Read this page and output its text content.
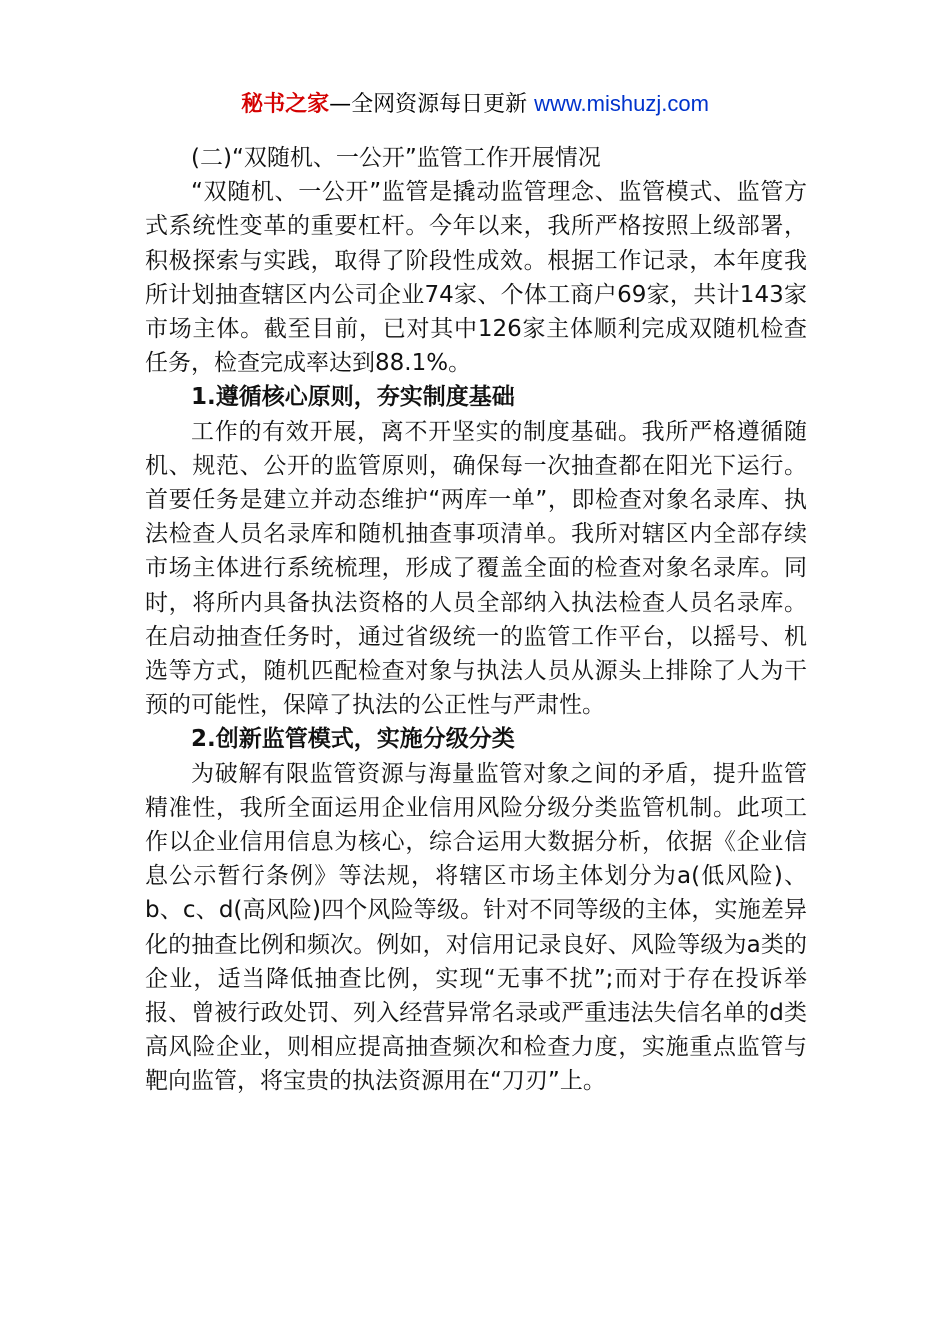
秘书之家—全网资源每日更新 www.mishuzj.com

(二)“双随机、一公开”监管工作开展情况

“双随机、一公开”监管是撬动监管理念、监管模式、监管方式系统性变革的重要杠杆。今年以来，我所严格按照上级部署，积极探索与实践，取得了阶段性成效。根据工作记录，本年度我所计划抽查辖区内公司企业74家、个体工商户69家，共计143家市场主体。截至目前，已对其中126家主体顺利完成双随机检查任务，检查完成率达到88.1%。

1.遵循核心原则，夯实制度基础

工作的有效开展，离不开坚实的制度基础。我所严格遵循随机、规范、公开的监管原则，确保每一次抽查都在阳光下运行。首要任务是建立并动态维护“两库一单”，即检查对象名录库、执法检查人员名录库和随机抽查事项清单。我所对辖区内全部存续市场主体进行系统梳理，形成了覆盖全面的检查对象名录库。同时，将所内具备执法资格的人员全部纳入执法检查人员名录库。在启动抽查任务时，通过省级统一的监管工作平台，以摇号、机选等方式，随机匹配检查对象与执法人员从源头上排除了人为干预的可能性，保障了执法的公正性与严肃性。

2.创新监管模式，实施分级分类

为破解有限监管资源与海量监管对象之间的矛盾，提升监管精准性，我所全面运用企业信用风险分级分类监管机制。此项工作以企业信用信息为核心，综合运用大数据分析，依据《企业信息公示暂行条例》等法规，将辖区市场主体划分为a(低风险)、b、c、d(高风险)四个风险等级。针对不同等级的主体，实施差异化的抽查比例和频次。例如，对信用记录良好、风险等级为a类的企业，适当降低抽查比例，实现“无事不扰”;而对于存在投诉举报、曾被行政处罚、列入经营异常名录或严重违法失信名单的d类高风险企业，则相应提高抽查频次和检查力度，实施重点监管与靶向监管，将宝贵的执法资源用在“刀刃”上。
